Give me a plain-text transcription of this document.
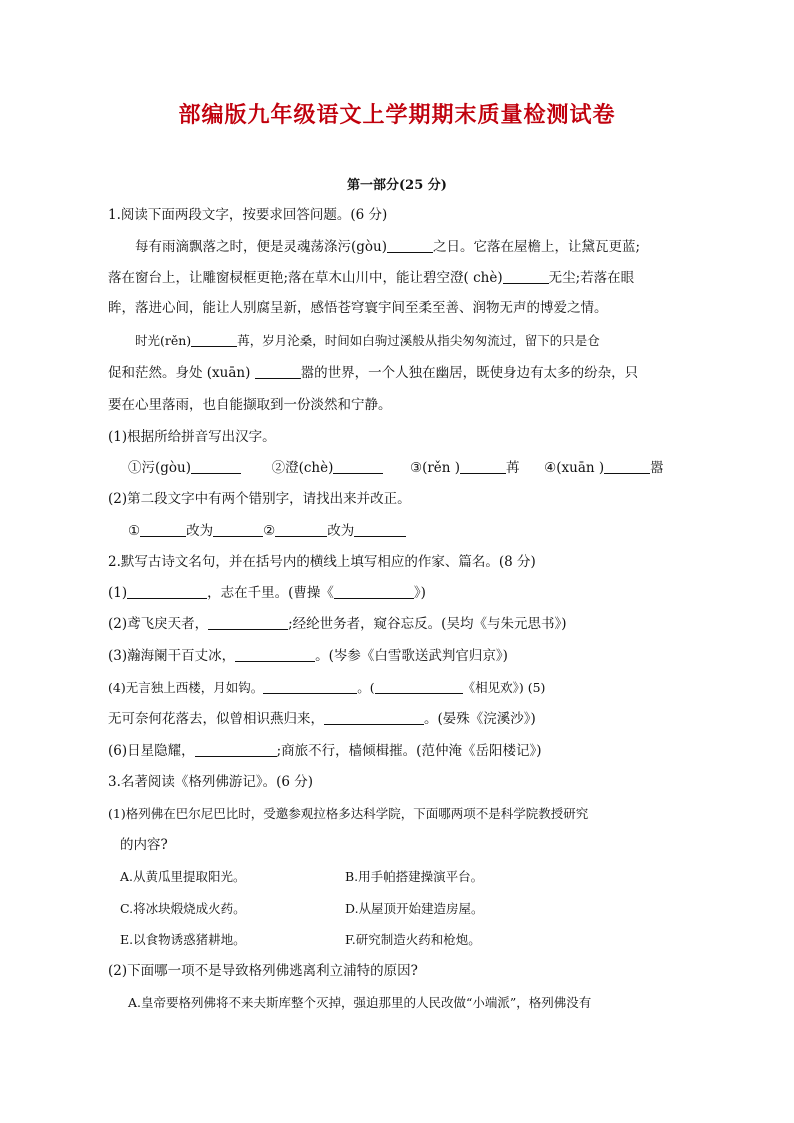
部编版九年级语文上学期期末质量检测试卷
第一部分(25 分)
1.阅读下面两段文字，按要求回答问题。(6 分)
每有雨滴飘落之时，便是灵魂荡涤污(gòu)	之日。它落在屋檐上，让黛瓦更蓝;
落在窗台上，让雕窗棂框更艳;落在草木山川中，能让碧空澄( chè)	无尘;若落在眼
眸，落进心间，能让人别腐呈新，感悟苍穹寰宇间至柔至善、润物无声的博爱之情。
时光(rěn)	苒，岁月沦桑，时间如白驹过溪般从指尖匆匆流过，留下的只是仓
促和茫然。身处 (xuān)	嚣的世界，一个人独在幽居，既使身边有太多的纷杂，只
要在心里落雨，也自能撷取到一份淡然和宁静。
(1)根据所给拼音写出汉字。
①污(gòu)	②澄(chè)	③(rěn )	苒 ④(xuān )	嚣
(2)第二段文字中有两个错别字，请找出来并改正。
①	改为	②	改为
2.默写古诗文名句，并在括号内的横线上填写相应的作家、篇名。(8 分)
(1)	，志在千里。(曹操《	》)
(2)鸢飞戾天者，	;经纶世务者，窥谷忘反。(吴均《与朱元思书》)
(3)瀚海阑干百丈冰，	。(岑参《白雪歌送武判官归京》)
(4)无言独上西楼，月如钩。	。(	《相见欢》) (5)
无可奈何花落去，似曾相识燕归来，	。(晏殊《浣溪沙》)
(6)日星隐耀，	;商旅不行，樯倾楫摧。(范仲淹《岳阳楼记》)
3.名著阅读《格列佛游记》。(6 分)
(1)格列佛在巴尔尼巴比时，受邀参观拉格多达科学院，下面哪两项不是科学院教授研究
的内容?
A.从黄瓜里提取阳光。	B.用手帕搭建操演平台。
C.将冰块煅烧成火药。	D.从屋顶开始建造房屋。
E.以食物诱惑猪耕地。	F.研究制造火药和枪炮。
(2)下面哪一项不是导致格列佛逃离利立浦特的原因?
A.皇帝要格列佛将不来夫斯库整个灭掉，强迫那里的人民改做“小端派”，格列佛没有
